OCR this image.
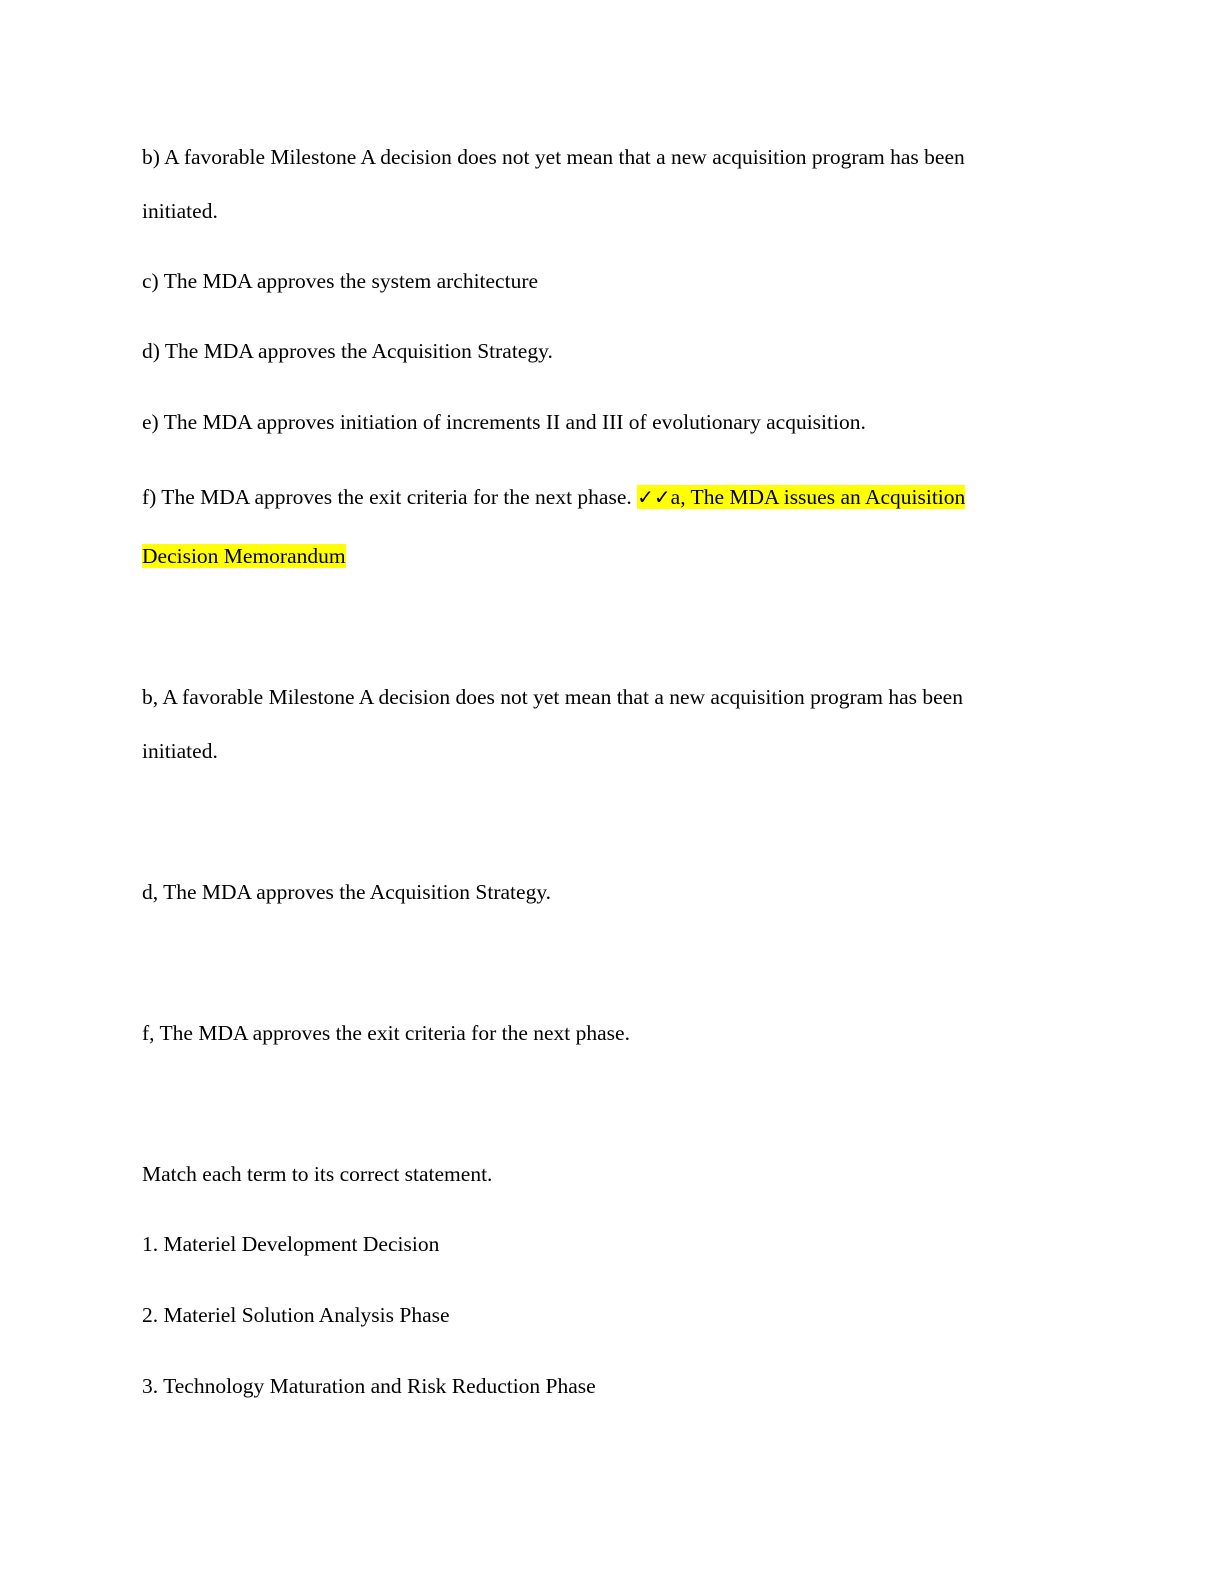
b) A favorable Milestone A decision does not yet mean that a new acquisition program has been
initiated.
c) The MDA approves the system architecture
d) The MDA approves the Acquisition Strategy.
e) The MDA approves initiation of increments II and III of evolutionary acquisition.
f) The MDA approves the exit criteria for the next phase. ✓✓a, The MDA issues an Acquisition
Decision Memorandum
b, A favorable Milestone A decision does not yet mean that a new acquisition program has been
initiated.
d, The MDA approves the Acquisition Strategy.
f, The MDA approves the exit criteria for the next phase.
Match each term to its correct statement.
1. Materiel Development Decision
2. Materiel Solution Analysis Phase
3. Technology Maturation and Risk Reduction Phase
